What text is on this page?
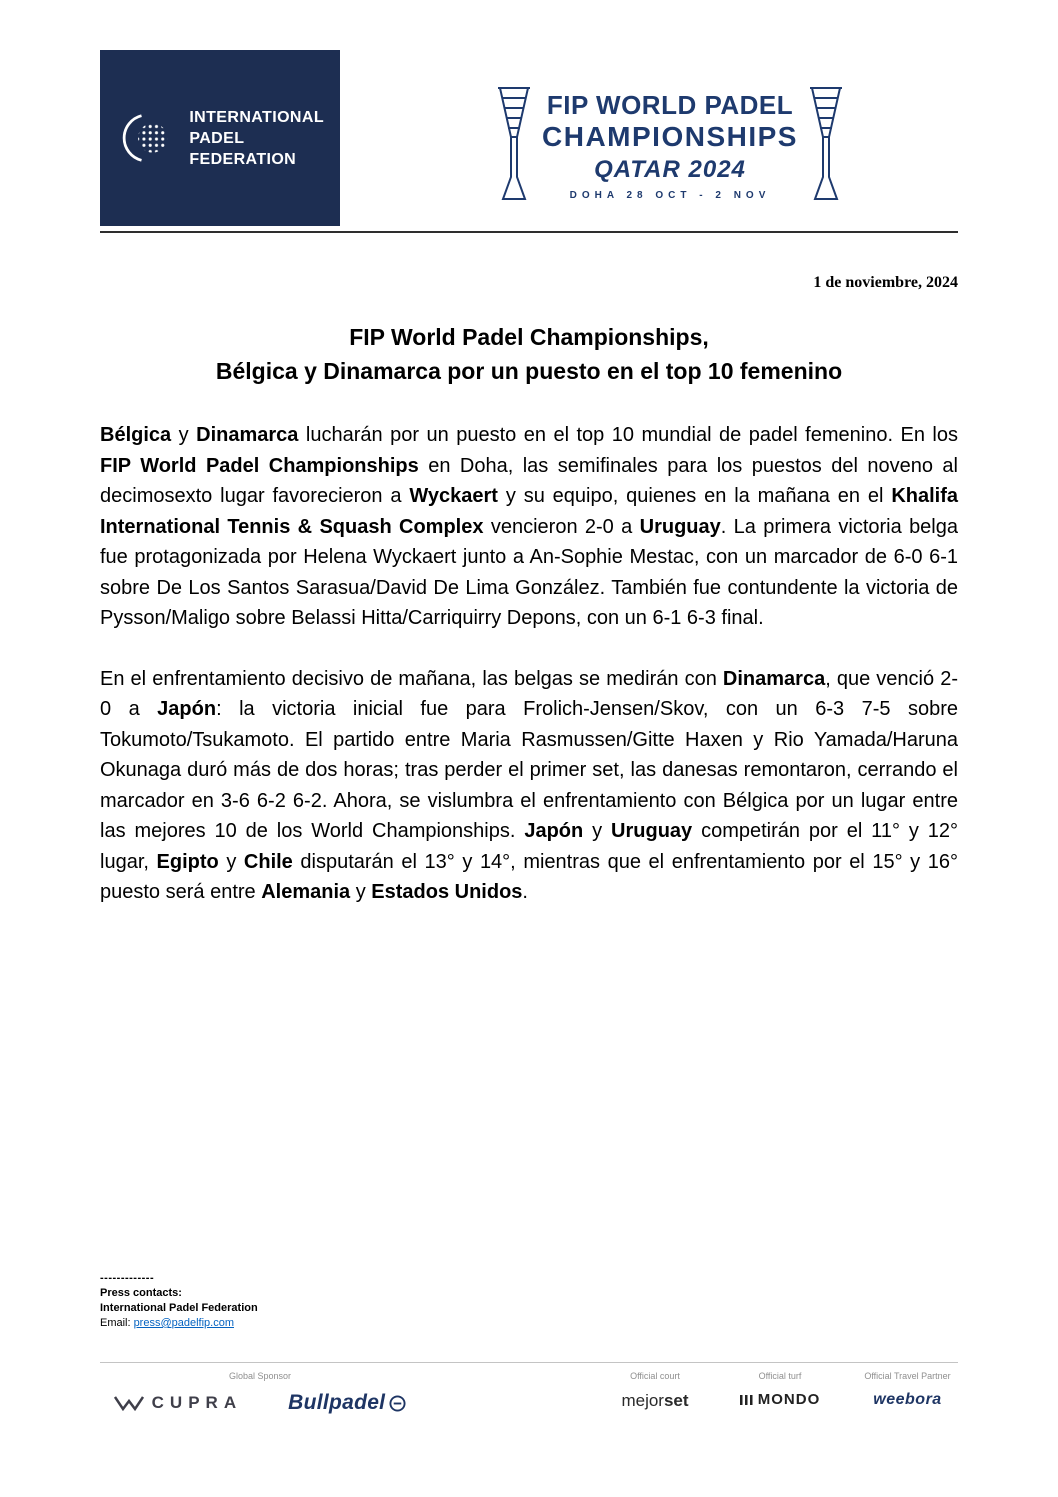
INTERNATIONAL
PADEL
FEDERATION
FIP WORLD PADEL
CHAMPIONSHIPS
QATAR 2024
DOHA 28 OCT - 2 NOV
1 de noviembre, 2024
FIP World Padel Championships,
Bélgica y Dinamarca por un puesto en el top 10 femenino

Bélgica y Dinamarca lucharán por un puesto en el top 10 mundial de padel femenino. En los FIP World Padel Championships en Doha, las semifinales para los puestos del noveno al decimosexto lugar favorecieron a Wyckaert y su equipo, quienes en la mañana en el Khalifa International Tennis & Squash Complex vencieron 2-0 a Uruguay. La primera victoria belga fue protagonizada por Helena Wyckaert junto a An-Sophie Mestac, con un marcador de 6-0 6-1 sobre De Los Santos Sarasua/David De Lima González. También fue contundente la victoria de Pysson/Maligo sobre Belassi Hitta/Carriquirry Depons, con un 6-1 6-3 final.

En el enfrentamiento decisivo de mañana, las belgas se medirán con Dinamarca, que venció 2-0 a Japón: la victoria inicial fue para Frolich-Jensen/Skov, con un 6-3 7-5 sobre Tokumoto/Tsukamoto. El partido entre Maria Rasmussen/Gitte Haxen y Rio Yamada/Haruna Okunaga duró más de dos horas; tras perder el primer set, las danesas remontaron, cerrando el marcador en 3-6 6-2 6-2. Ahora, se vislumbra el enfrentamiento con Bélgica por un lugar entre las mejores 10 de los World Championships. Japón y Uruguay competirán por el 11° y 12° lugar, Egipto y Chile disputarán el 13° y 14°, mientras que el enfrentamiento por el 15° y 16° puesto será entre Alemania y Estados Unidos.

-------------
Press contacts:
International Padel Federation
Email: press@padelfip.com
Global Sponsor
CUPRA Bullpadel
Official court
mejorset
Official turf
MONDO
Official Travel Partner
weebora
